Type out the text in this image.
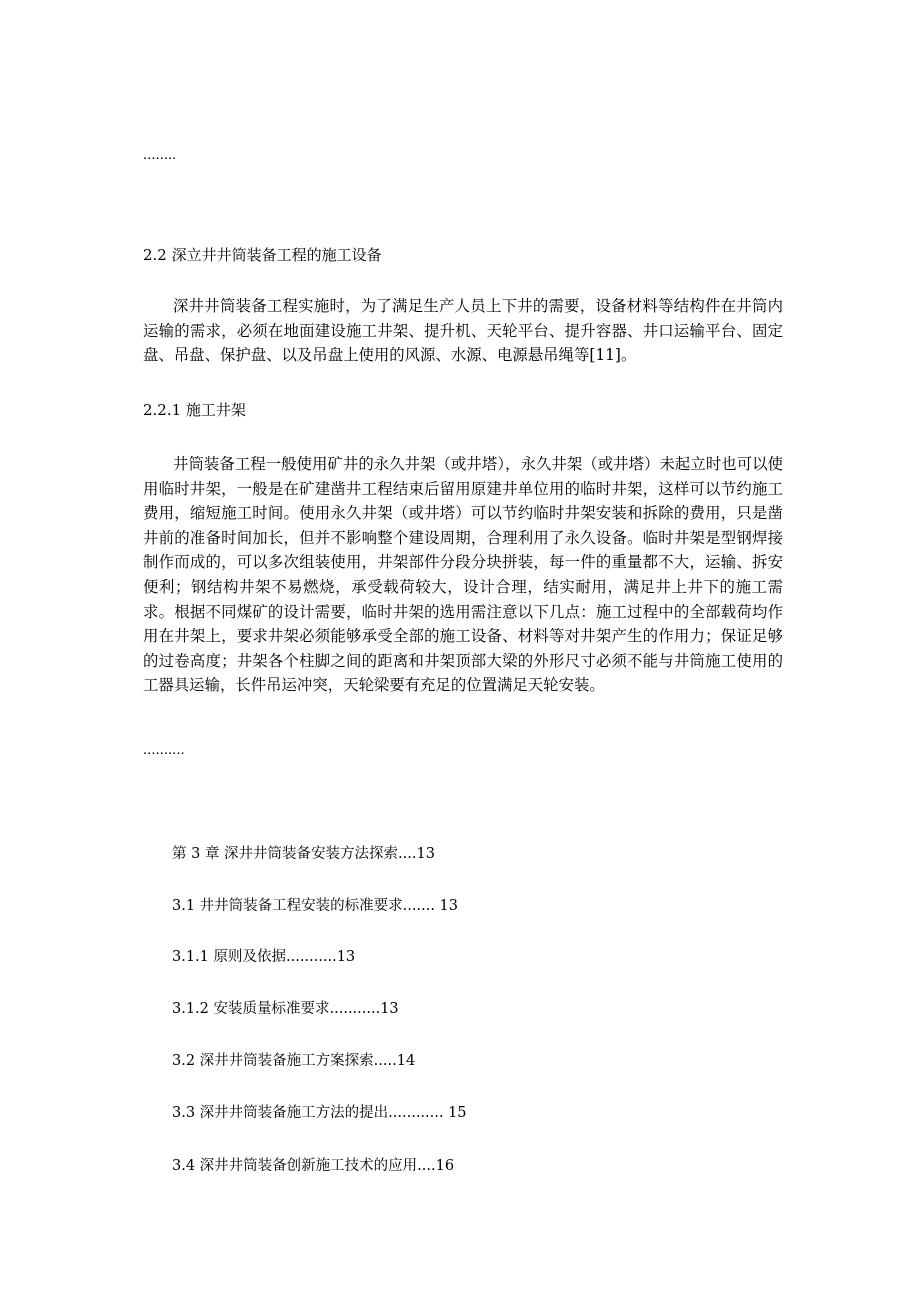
........

2.2 深立井井筒装备工程的施工设备

深井井筒装备工程实施时，为了满足生产人员上下井的需要，设备材料等结构件在井筒内运输的需求，必须在地面建设施工井架、提升机、天轮平台、提升容器、井口运输平台、固定盘、吊盘、保护盘、以及吊盘上使用的风源、水源、电源悬吊绳等[11]。

2.2.1 施工井架

井筒装备工程一般使用矿井的永久井架（或井塔），永久井架（或井塔）未起立时也可以使用临时井架，一般是在矿建凿井工程结束后留用原建井单位用的临时井架，这样可以节约施工费用，缩短施工时间。使用永久井架（或井塔）可以节约临时井架安装和拆除的费用，只是凿井前的准备时间加长，但并不影响整个建设周期，合理利用了永久设备。临时井架是型钢焊接制作而成的，可以多次组装使用，井架部件分段分块拼装，每一件的重量都不大，运输、拆安便利；钢结构井架不易燃烧，承受载荷较大，设计合理，结实耐用，满足井上井下的施工需求。根据不同煤矿的设计需要，临时井架的选用需注意以下几点：施工过程中的全部载荷均作用在井架上，要求井架必须能够承受全部的施工设备、材料等对井架产生的作用力；保证足够的过卷高度；井架各个柱脚之间的距离和井架顶部大梁的外形尺寸必须不能与井筒施工使用的工器具运输，长件吊运冲突，天轮梁要有充足的位置满足天轮安装。

..........

第 3 章 深井井筒装备安装方法探索....13

3.1 井井筒装备工程安装的标准要求....... 13

3.1.1 原则及依据...........13

3.1.2 安装质量标准要求...........13

3.2 深井井筒装备施工方案探索.....14

3.3 深井井筒装备施工方法的提出............ 15

3.4 深井井筒装备创新施工技术的应用....16
